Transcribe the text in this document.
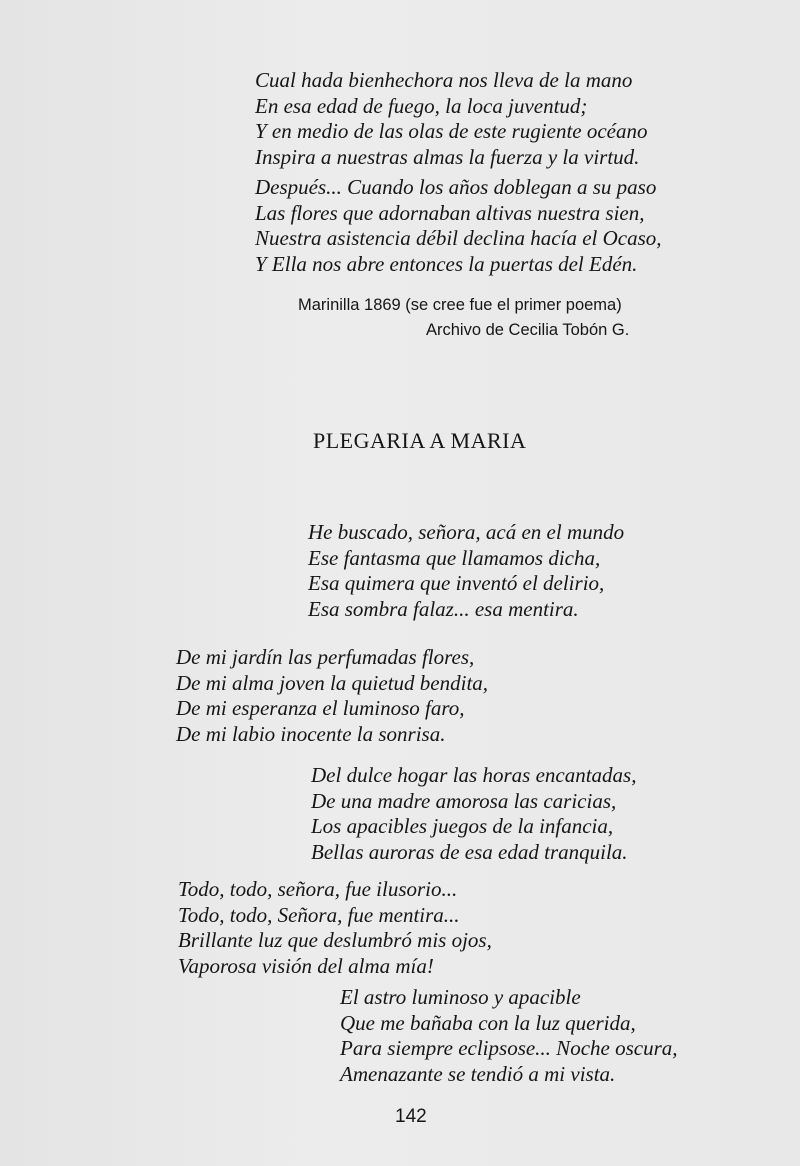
Cual hada bienhechora nos lleva de la mano
En esa edad de fuego, la loca juventud;
Y en medio de las olas de este rugiente océano
Inspira a nuestras almas la fuerza y la virtud.
Después... Cuando los años doblegan a su paso
Las flores que adornaban altivas nuestra sien,
Nuestra asistencia débil declina hacía el Ocaso,
Y Ella nos abre entonces la puertas del Edén.
Marinilla 1869 (se cree fue el primer poema)
Archivo de Cecilia Tobón G.
PLEGARIA A MARIA
He buscado, señora, acá en el mundo
Ese fantasma que llamamos dicha,
Esa quimera que inventó el delirio,
Esa sombra falaz... esa mentira.
De mi jardín las perfumadas flores,
De mi alma joven la quietud bendita,
De mi esperanza el luminoso faro,
De mi labio inocente la sonrisa.
Del dulce hogar las horas encantadas,
De una madre amorosa las caricias,
Los apacibles juegos de la infancia,
Bellas auroras de esa edad tranquila.
Todo, todo, señora, fue ilusorio...
Todo, todo, Señora, fue mentira...
Brillante luz que deslumbró mis ojos,
Vaporosa visión del alma mía!
El astro luminoso y apacible
Que me bañaba con la luz querida,
Para siempre eclipsose... Noche oscura,
Amenazante se tendió a mi vista.
142
